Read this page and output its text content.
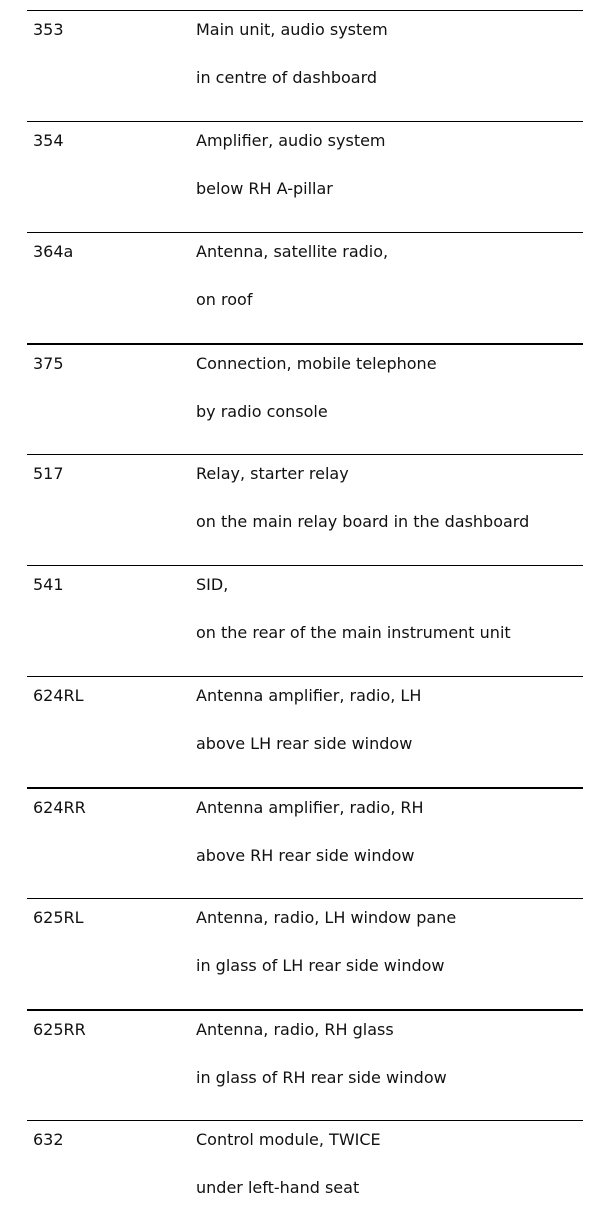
353	Main unit, audio system
in centre of dashboard
354	Amplifier, audio system
below RH A-pillar
364a	Antenna, satellite radio,
on roof
375	Connection, mobile telephone
by radio console
517	Relay, starter relay
on the main relay board in the dashboard
541	SID,
on the rear of the main instrument unit
624RL	Antenna amplifier, radio, LH
above LH rear side window
624RR	Antenna amplifier, radio, RH
above RH rear side window
625RL	Antenna, radio, LH window pane
in glass of LH rear side window
625RR	Antenna, radio, RH glass
in glass of RH rear side window
632	Control module, TWICE
under left-hand seat
